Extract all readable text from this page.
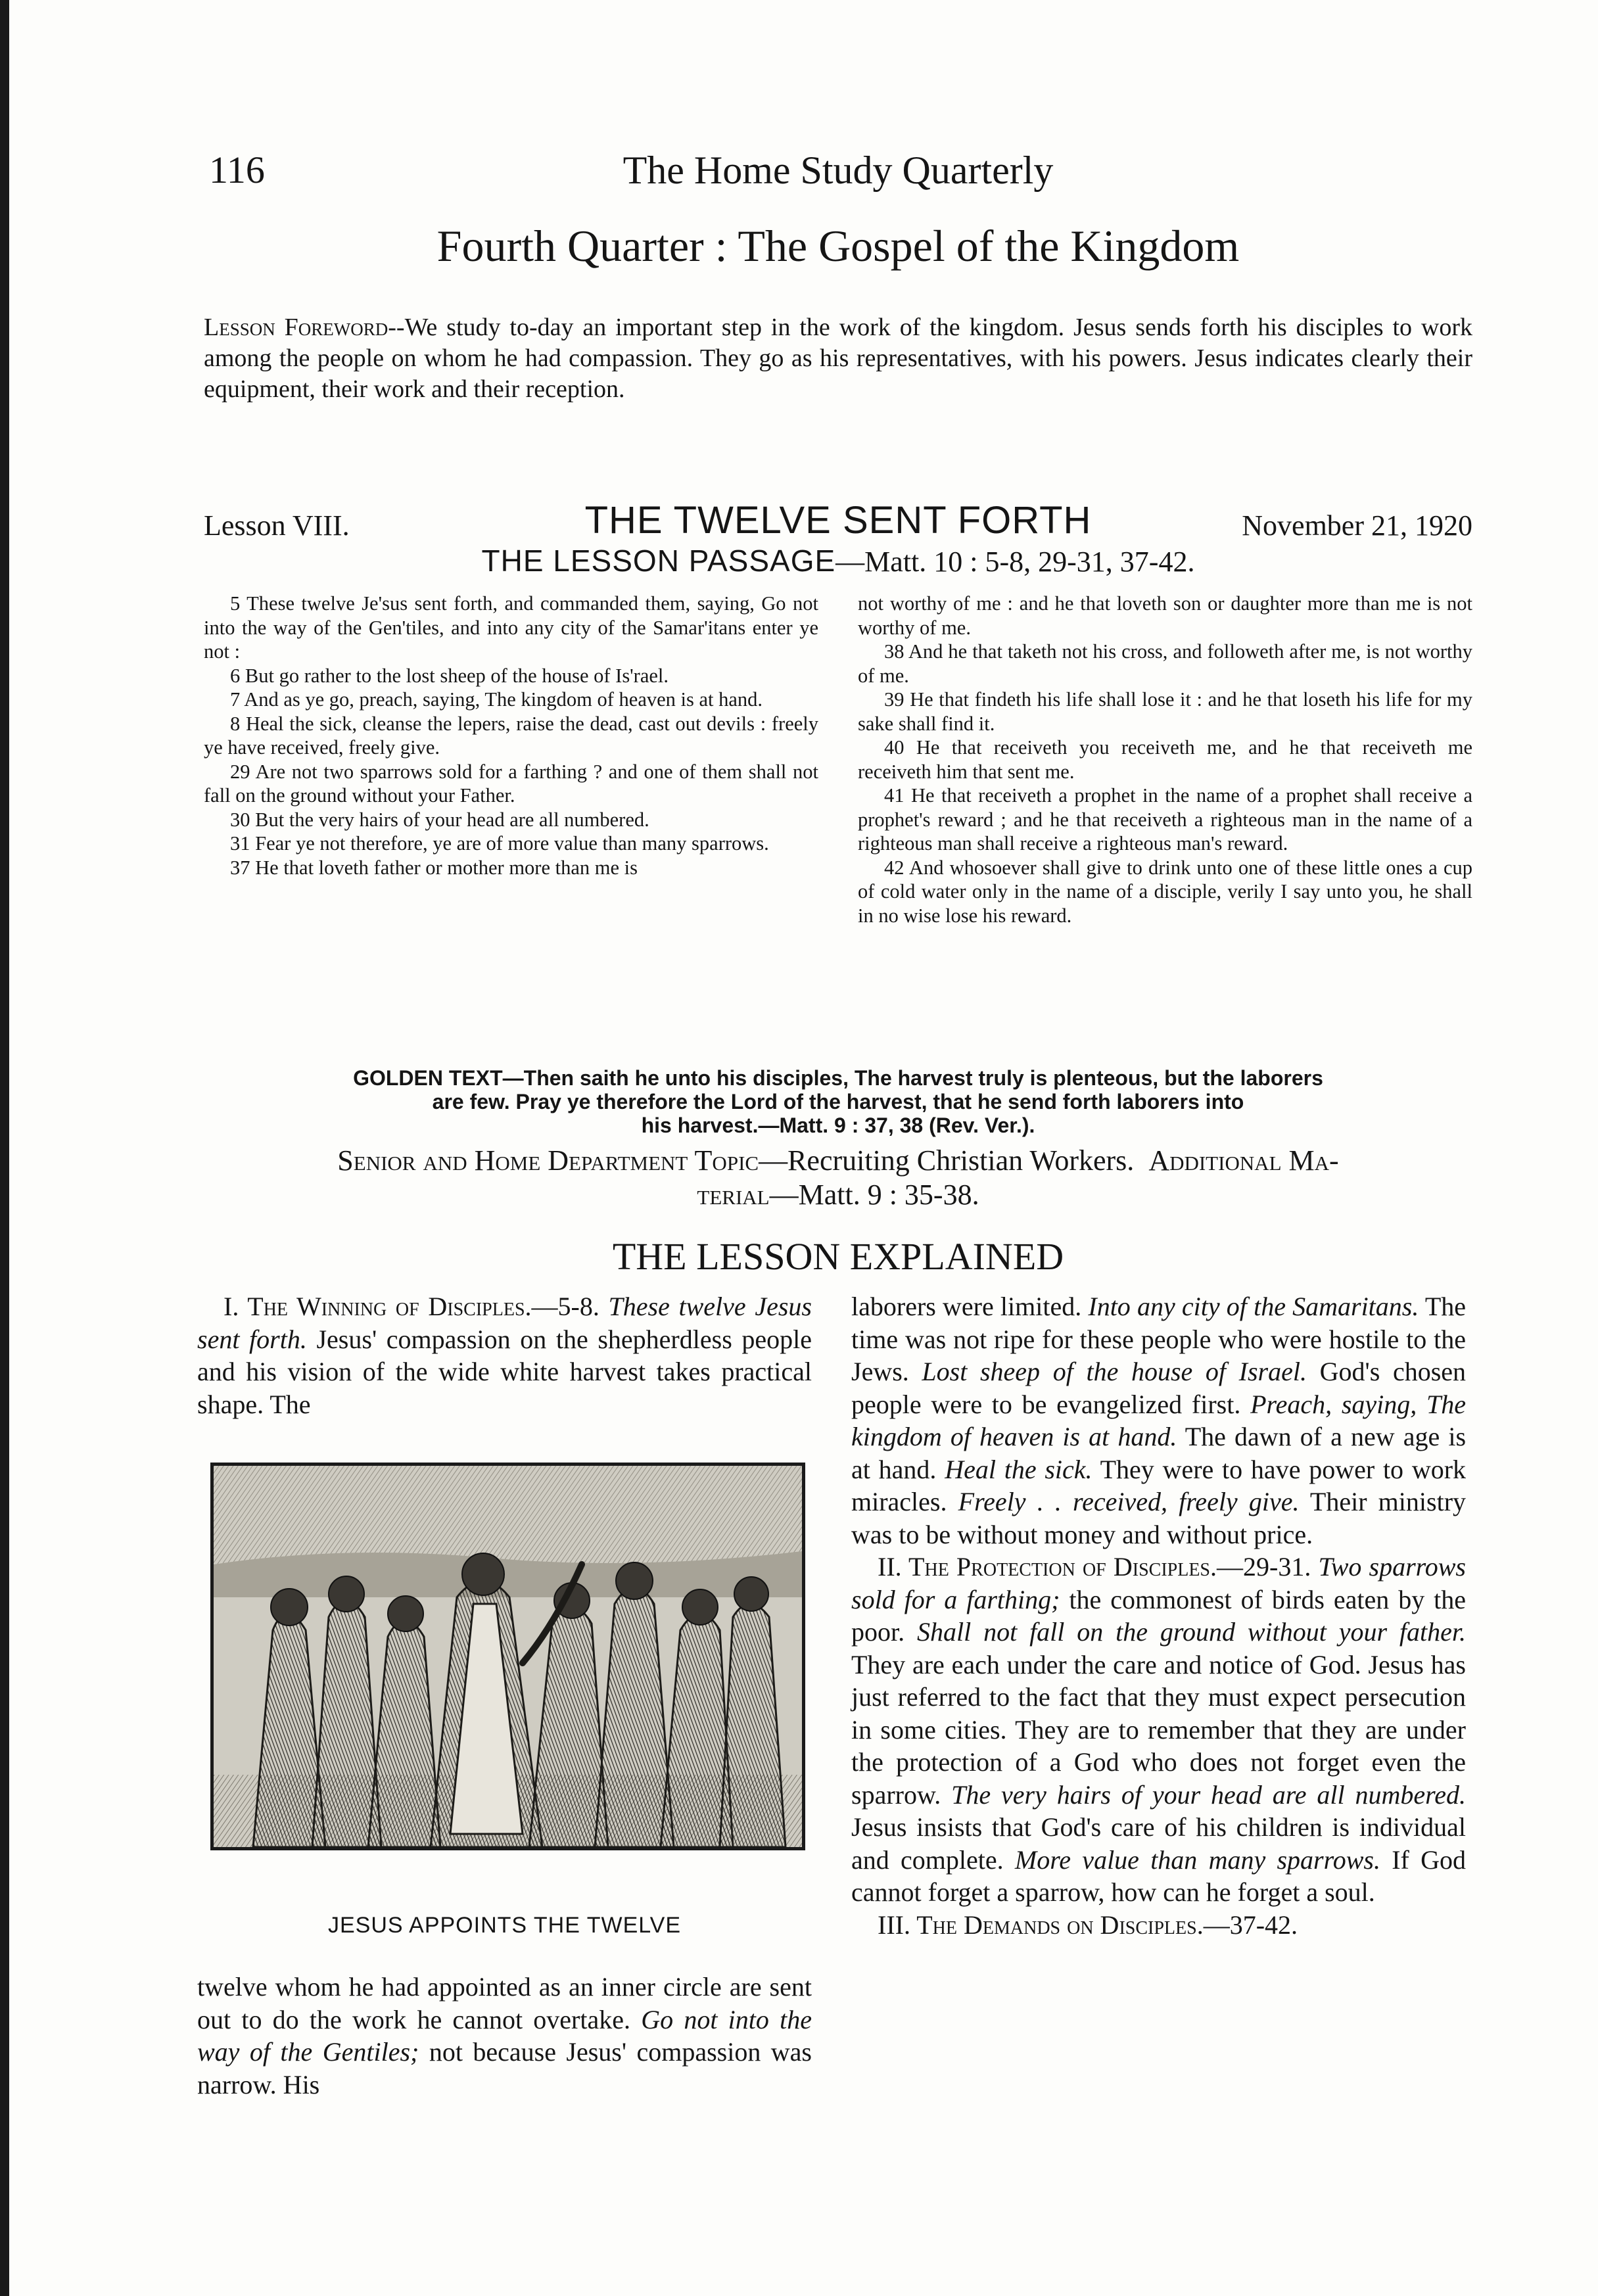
The Home Study Quarterly
116
Fourth Quarter : The Gospel of the Kingdom
Lesson Foreword--We study to-day an important step in the work of the kingdom. Jesus sends forth his disciples to work among the people on whom he had compassion. They go as his representatives, with his powers. Jesus indicates clearly their equipment, their work and their reception.
THE TWELVE SENT FORTH
Lesson VIII.	November 21, 1920
THE LESSON PASSAGE—Matt. 10 : 5-8, 29-31, 37-42.

5 These twelve Je'sus sent forth, and commanded them, saying, Go not into the way of the Gen'tiles, and into any city of the Samar'itans enter ye not :

6 But go rather to the lost sheep of the house of Is'rael.

7 And as ye go, preach, saying, The kingdom of heaven is at hand.

8 Heal the sick, cleanse the lepers, raise the dead, cast out devils : freely ye have received, freely give.

29 Are not two sparrows sold for a farthing ? and one of them shall not fall on the ground without your Father.

30 But the very hairs of your head are all numbered.

31 Fear ye not therefore, ye are of more value than many sparrows.

37 He that loveth father or mother more than me is

not worthy of me : and he that loveth son or daughter more than me is not worthy of me.

38 And he that taketh not his cross, and followeth after me, is not worthy of me.

39 He that findeth his life shall lose it : and he that loseth his life for my sake shall find it.

40 He that receiveth you receiveth me, and he that receiveth me receiveth him that sent me.

41 He that receiveth a prophet in the name of a prophet shall receive a prophet's reward ; and he that receiveth a righteous man in the name of a righteous man shall receive a righteous man's reward.

42 And whosoever shall give to drink unto one of these little ones a cup of cold water only in the name of a disciple, verily I say unto you, he shall in no wise lose his reward.

GOLDEN TEXT—Then saith he unto his disciples, The harvest truly is plenteous, but the laborers
are few. Pray ye therefore the Lord of the harvest, that he send forth laborers into
his harvest.—Matt. 9 : 37, 38 (Rev. Ver.).
Senior and Home Department Topic—Recruiting Christian Workers. Additional Ma-
terial—Matt. 9 : 35-38.
THE LESSON EXPLAINED

I. The Winning of Disciples.—5-8. These twelve Jesus sent forth. Jesus' compassion on the shepherdless people and his vision of the wide white harvest takes practical shape. The

JESUS APPOINTS THE TWELVE

twelve whom he had appointed as an inner circle are sent out to do the work he cannot overtake. Go not into the way of the Gentiles; not because Jesus' compassion was narrow. His

laborers were limited. Into any city of the Samaritans. The time was not ripe for these people who were hostile to the Jews. Lost sheep of the house of Israel. God's chosen people were to be evangelized first. Preach, saying, The kingdom of heaven is at hand. The dawn of a new age is at hand. Heal the sick. They were to have power to work miracles. Freely . . received, freely give. Their ministry was to be without money and without price.

II. The Protection of Disciples.—29-31. Two sparrows sold for a farthing; the commonest of birds eaten by the poor. Shall not fall on the ground without your father. They are each under the care and notice of God. Jesus has just referred to the fact that they must expect persecution in some cities. They are to remember that they are under the protection of a God who does not forget even the sparrow. The very hairs of your head are all numbered. Jesus insists that God's care of his children is individual and complete. More value than many sparrows. If God cannot forget a sparrow, how can he forget a soul.

III. The Demands on Disciples.—37-42.
